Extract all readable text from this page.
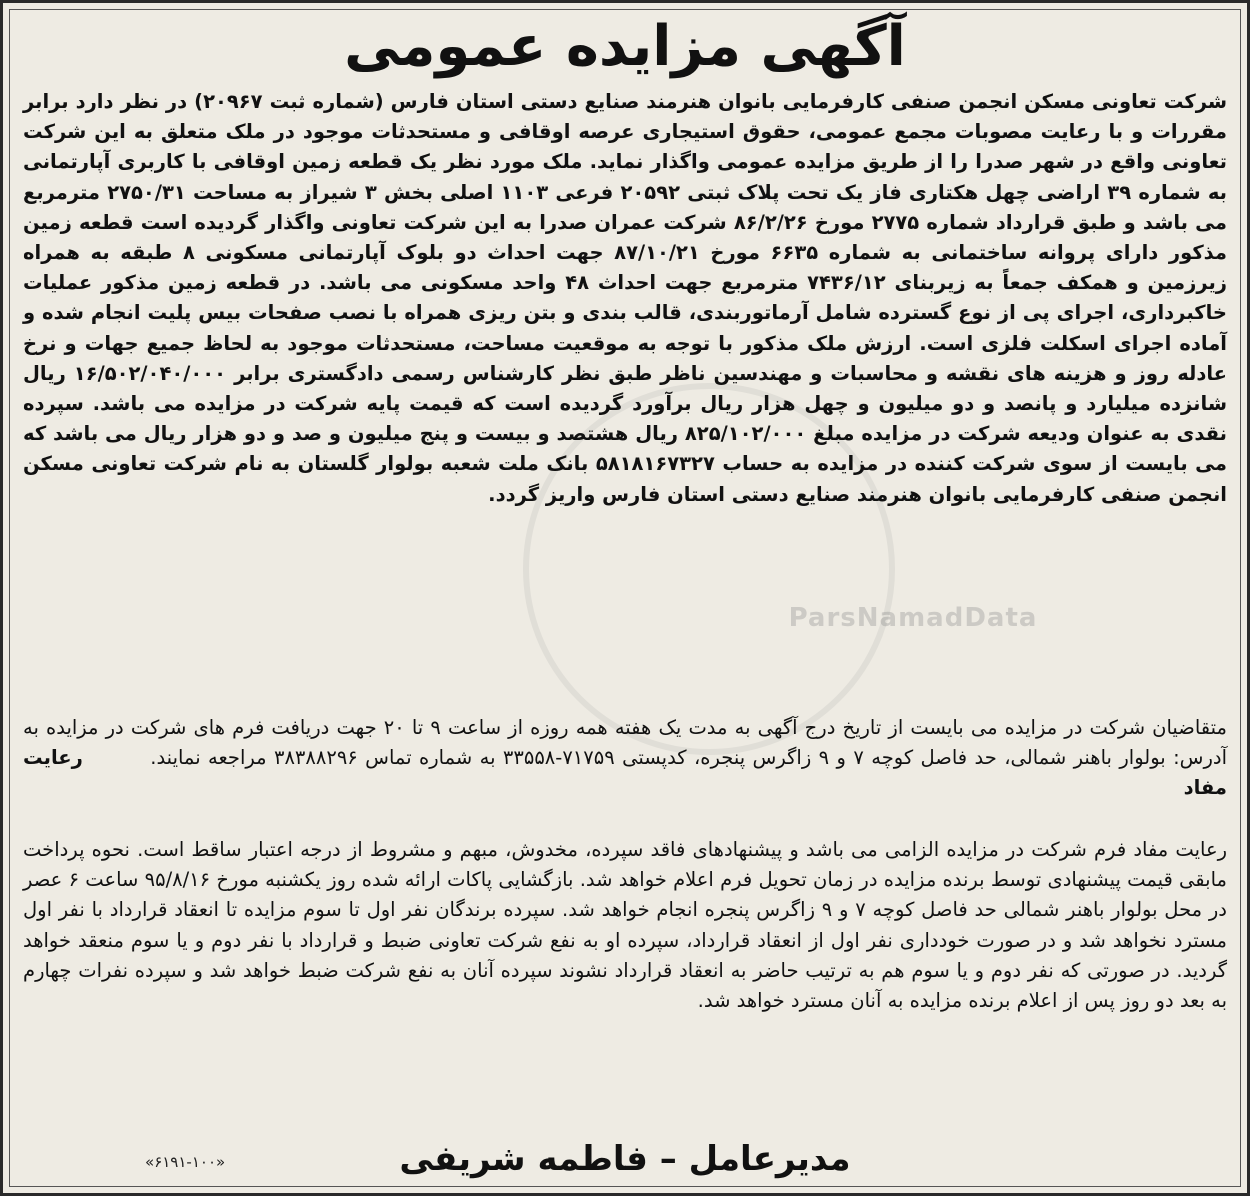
آگهی مزایده عمومی

شرکت تعاونی مسکن انجمن صنفی کارفرمایی بانوان هنرمند صنایع دستی استان فارس (شماره ثبت ۲۰۹۶۷) در نظر دارد برابر مقررات و با رعایت مصوبات مجمع عمومی، حقوق استیجاری عرصه اوقافی و مستحدثات موجود در ملک متعلق به این شرکت تعاونی واقع در شهر صدرا را از طریق مزایده عمومی واگذار نماید. ملک مورد نظر یک قطعه زمین اوقافی با کاربری آپارتمانی به شماره ۳۹ اراضی چهل هکتاری فاز یک تحت پلاک ثبتی ۲۰۵۹۲ فرعی ۱۱۰۳ اصلی بخش ۳ شیراز به مساحت ۲۷۵۰/۳۱ مترمربع می باشد و طبق قرارداد شماره ۲۷۷۵ مورخ ۸۶/۲/۲۶ شرکت عمران صدرا به این شرکت تعاونی واگذار گردیده است قطعه زمین مذکور دارای پروانه ساختمانی به شماره ۶۶۳۵ مورخ ۸۷/۱۰/۲۱ جهت احداث دو بلوک آپارتمانی مسکونی ۸ طبقه به همراه زیرزمین و همکف جمعاً به زیربنای ۷۴۳۶/۱۲ مترمربع جهت احداث ۴۸ واحد مسکونی می باشد. در قطعه زمین مذکور عملیات خاکبرداری، اجرای پی از نوع گسترده شامل آرماتوربندی، قالب بندی و بتن ریزی همراه با نصب صفحات بیس پلیت انجام شده و آماده اجرای اسکلت فلزی است. ارزش ملک مذکور با توجه به موقعیت مساحت، مستحدثات موجود به لحاظ جمیع جهات و نرخ عادله روز و هزینه های نقشه و محاسبات و مهندسین ناظر طبق نظر کارشناس رسمی دادگستری برابر ۱۶/۵۰۲/۰۴۰/۰۰۰ ریال شانزده میلیارد و پانصد و دو میلیون و چهل هزار ریال برآورد گردیده است که قیمت پایه شرکت در مزایده می باشد. سپرده نقدی به عنوان ودیعه شرکت در مزایده مبلغ ۸۲۵/۱۰۲/۰۰۰ ریال هشتصد و بیست و پنج میلیون و صد و دو هزار ریال می باشد که می بایست از سوی شرکت کننده در مزایده به حساب ۵۸۱۸۱۶۷۳۲۷ بانک ملت شعبه بولوار گلستان به نام شرکت تعاونی مسکن انجمن صنفی کارفرمایی بانوان هنرمند صنایع دستی استان فارس واریز گردد.

متقاضیان شرکت در مزایده می بایست از تاریخ درج آگهی به مدت یک هفته همه روزه از ساعت ۹ تا ۲۰ جهت دریافت فرم های شرکت در مزایده به آدرس: بولوار باهنر شمالی، حد فاصل کوچه ۷ و ۹ زاگرس پنجره، کدپستی ۷۱۷۵۹-۳۳۵۵۸ به شماره تماس ۳۸۳۸۸۲۹۶ مراجعه نمایند. رعایت مفاد

رعایت مفاد فرم شرکت در مزایده الزامی می باشد و پیشنهادهای فاقد سپرده، مخدوش، مبهم و مشروط از درجه اعتبار ساقط است. نحوه پرداخت مابقی قیمت پیشنهادی توسط برنده مزایده در زمان تحویل فرم اعلام خواهد شد. بازگشایی پاکات ارائه شده روز یکشنبه مورخ ۹۵/۸/۱۶ ساعت ۶ عصر در محل بولوار باهنر شمالی حد فاصل کوچه ۷ و ۹ زاگرس پنجره انجام خواهد شد. سپرده برندگان نفر اول تا سوم مزایده تا انعقاد قرارداد با نفر اول مسترد نخواهد شد و در صورت خودداری نفر اول از انعقاد قرارداد، سپرده او به نفع شرکت تعاونی ضبط و قرارداد با نفر دوم و یا سوم منعقد خواهد گردید. در صورتی که نفر دوم و یا سوم هم به ترتیب حاضر به انعقاد قرارداد نشوند سپرده آنان به نفع شرکت ضبط خواهد شد و سپرده نفرات چهارم به بعد دو روز پس از اعلام برنده مزایده به آنان مسترد خواهد شد.

ParsNamadData
مدیرعامل – فاطمه شریفی
«۶۱۹۱-۱۰۰»
